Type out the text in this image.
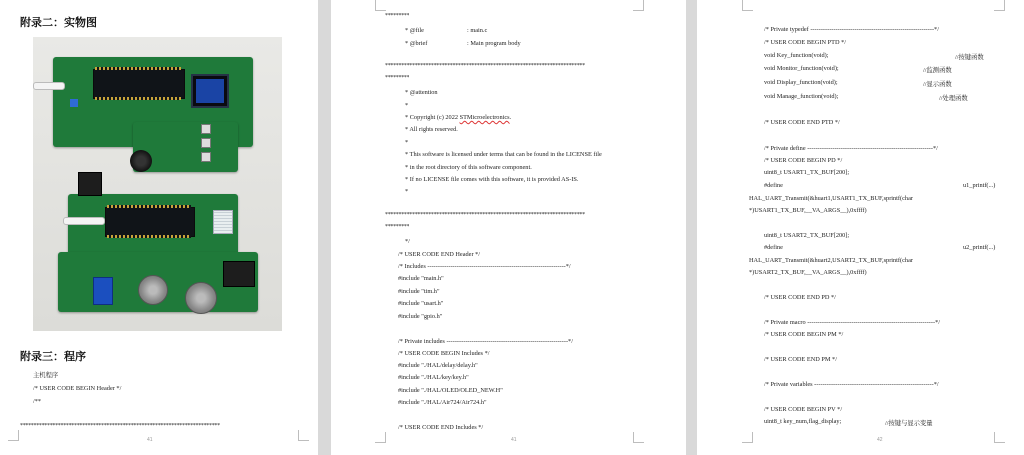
附录二：实物图
附录三：程序
主机程序
/* USER CODE BEGIN Header */
/**
**************************************************************************
41
*********
* @file	: main.c
* @brief	: Main program body
**************************************************************************
*********
* @attention
*
* Copyright (c) 2022 STMicroelectronics.
* All rights reserved.
*
* This software is licensed under terms that can be found in the LICENSE file
* in the root directory of this software component.
* If no LICENSE file comes with this software, it is provided AS-IS.
*
**************************************************************************
*********
*/
/* USER CODE END Header */
/* Includes ------------------------------------------------------------------*/
#include "main.h"
#include "tim.h"
#include "usart.h"
#include "gpio.h"
/* Private includes ----------------------------------------------------------*/
/* USER CODE BEGIN Includes */
#include "./HAL/delay/delay.h"
#include "./HAL/key/key.h"
#include "./HAL/OLED/OLED_NEW.H"
#include "./HAL/Air724/Air724.h"
/* USER CODE END Includes */
41
/* Private typedef -----------------------------------------------------------*/
/* USER CODE BEGIN PTD */
void Key_function(void);	//按键函数
void Monitor_function(void);	//监测函数
void Display_function(void);	//显示函数
void Manage_function(void);	//处理函数
/* USER CODE END PTD */
/* Private define ------------------------------------------------------------*/
/* USER CODE BEGIN PD */
uint8_t USART1_TX_BUF[200];
#define	u1_printf(...)
HAL_UART_Transmit(&huart1,USART1_TX_BUF,sprintf(char
*)USART1_TX_BUF,__VA_ARGS__),0xffff)
uint8_t USART2_TX_BUF[200];
#define	u2_printf(...)
HAL_UART_Transmit(&huart2,USART2_TX_BUF,sprintf(char
*)USART2_TX_BUF,__VA_ARGS__),0xffff)
/* USER CODE END PD */
/* Private macro -------------------------------------------------------------*/
/* USER CODE BEGIN PM */
/* USER CODE END PM */
/* Private variables ---------------------------------------------------------*/
/* USER CODE BEGIN PV */
uint8_t key_num,flag_display;	//按键与显示变量
42
